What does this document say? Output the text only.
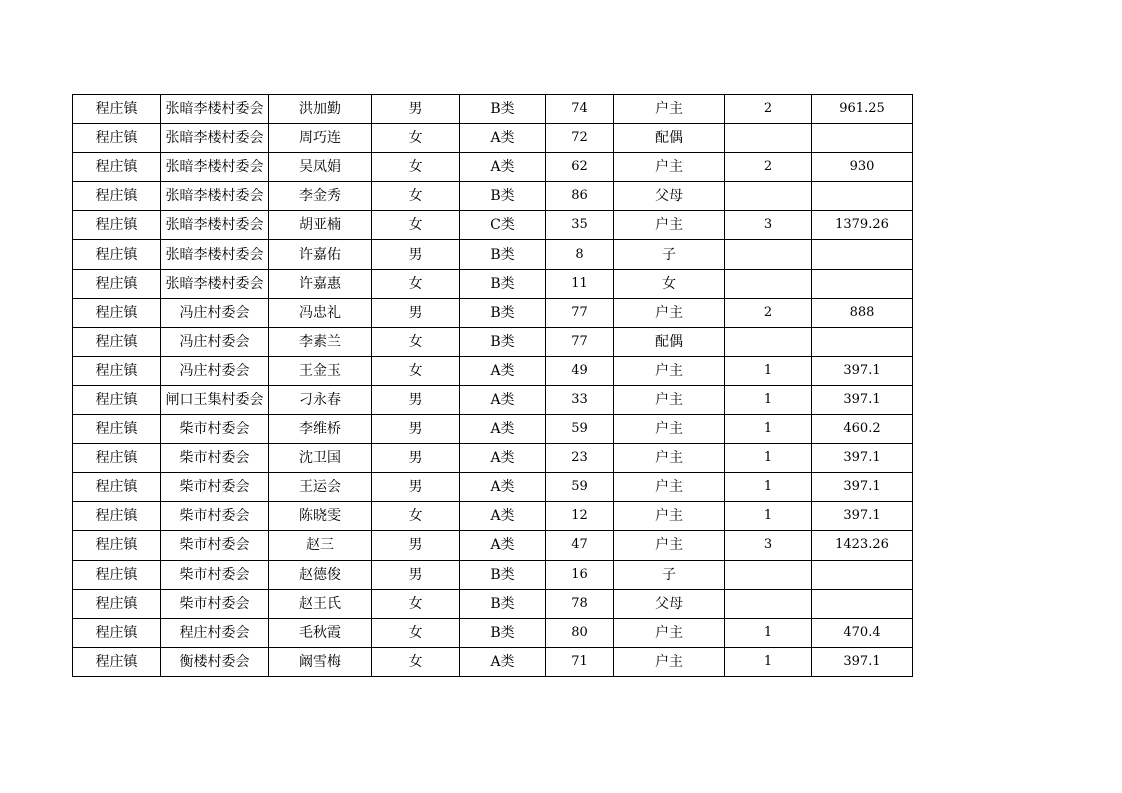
程庄镇	张暗李楼村委会	洪加勤	男	B类	74	户主	2	961.25
程庄镇	张暗李楼村委会	周巧连	女	A类	72	配偶		
程庄镇	张暗李楼村委会	吴凤娟	女	A类	62	户主	2	930
程庄镇	张暗李楼村委会	李金秀	女	B类	86	父母		
程庄镇	张暗李楼村委会	胡亚楠	女	C类	35	户主	3	1379.26
程庄镇	张暗李楼村委会	许嘉佑	男	B类	8	子		
程庄镇	张暗李楼村委会	许嘉惠	女	B类	11	女		
程庄镇	冯庄村委会	冯忠礼	男	B类	77	户主	2	888
程庄镇	冯庄村委会	李素兰	女	B类	77	配偶		
程庄镇	冯庄村委会	王金玉	女	A类	49	户主	1	397.1
程庄镇	闸口王集村委会	刁永春	男	A类	33	户主	1	397.1
程庄镇	柴市村委会	李维桥	男	A类	59	户主	1	460.2
程庄镇	柴市村委会	沈卫国	男	A类	23	户主	1	397.1
程庄镇	柴市村委会	王运会	男	A类	59	户主	1	397.1
程庄镇	柴市村委会	陈晓雯	女	A类	12	户主	1	397.1
程庄镇	柴市村委会	赵三	男	A类	47	户主	3	1423.26
程庄镇	柴市村委会	赵德俊	男	B类	16	子		
程庄镇	柴市村委会	赵王氏	女	B类	78	父母		
程庄镇	程庄村委会	毛秋霞	女	B类	80	户主	1	470.4
程庄镇	衡楼村委会	阚雪梅	女	A类	71	户主	1	397.1
